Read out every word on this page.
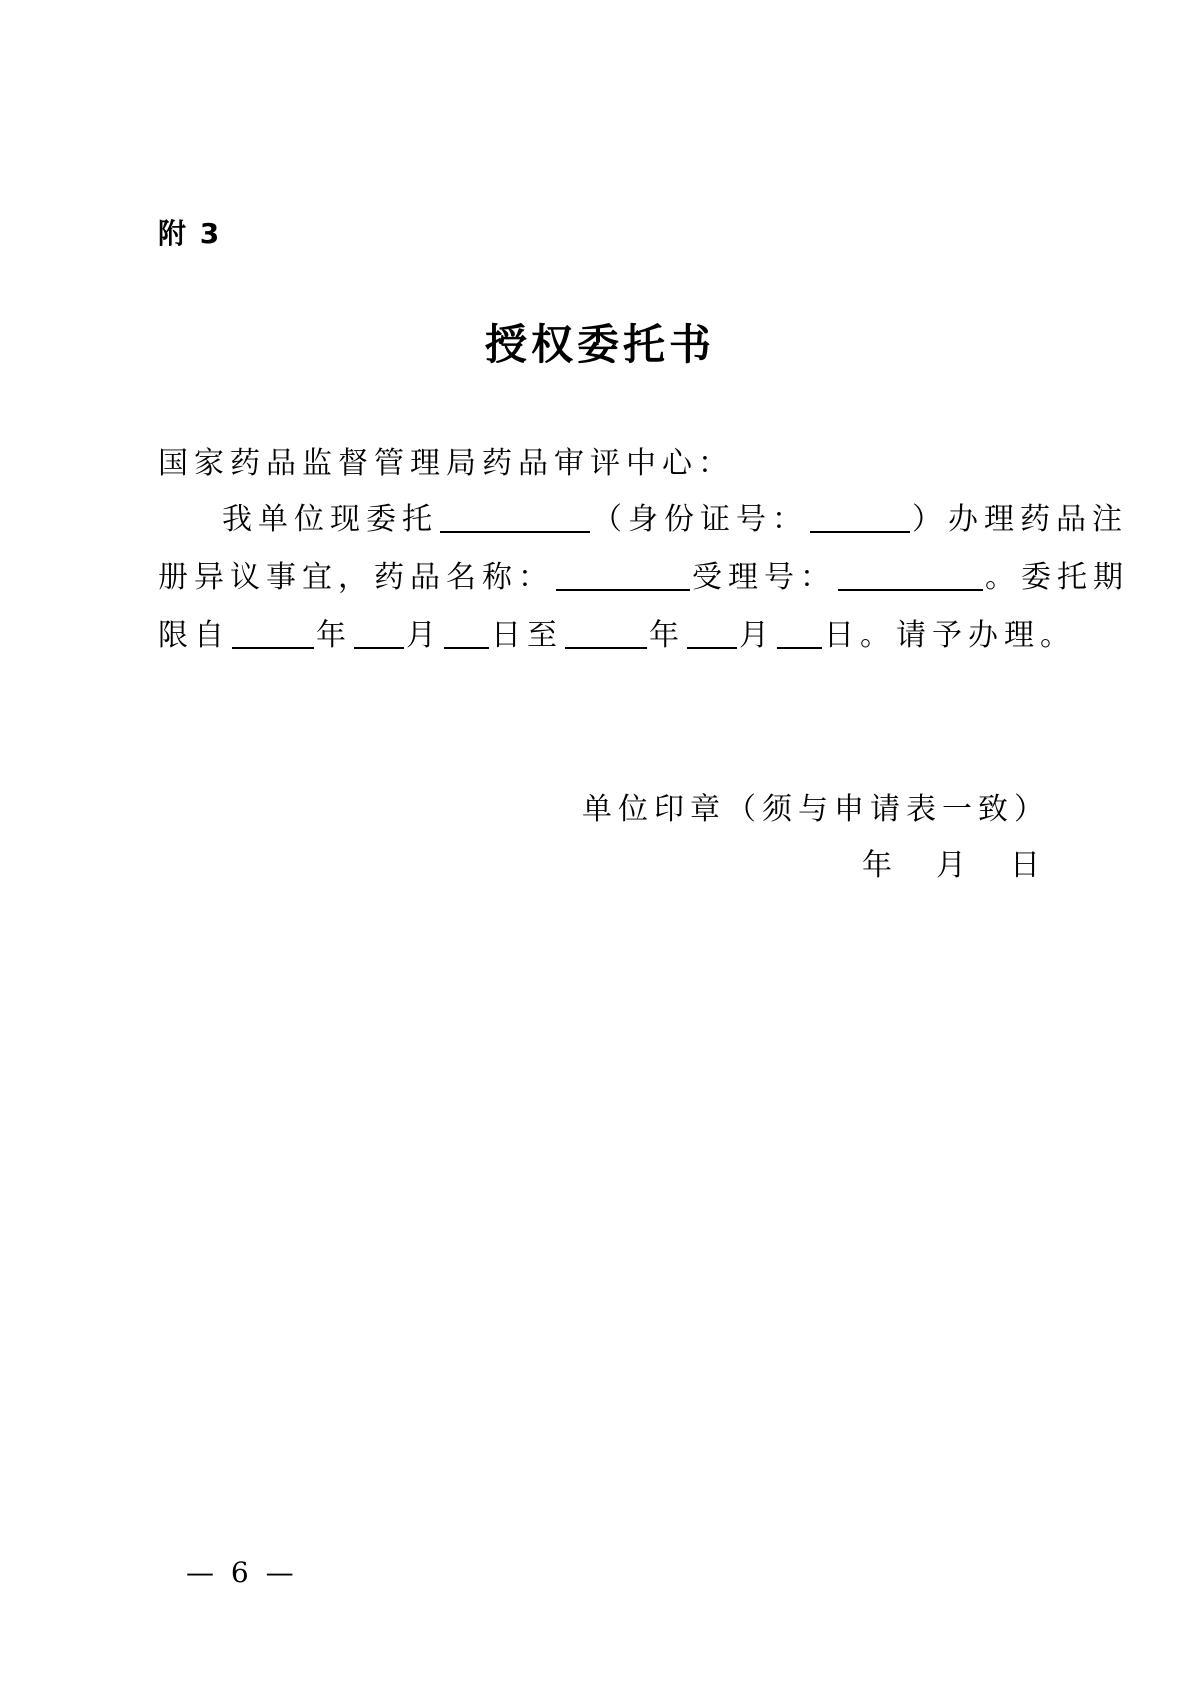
附 3
授权委托书
国家药品监督管理局药品审评中心：
我单位现委托	（身份证号：	）办理药品注
册异议事宜，药品名称：	受理号：	。委托期
限自	年 月 日至	年 月 日。请予办理。
单位印章（须与申请表一致）
年 月 日
— 6 —
